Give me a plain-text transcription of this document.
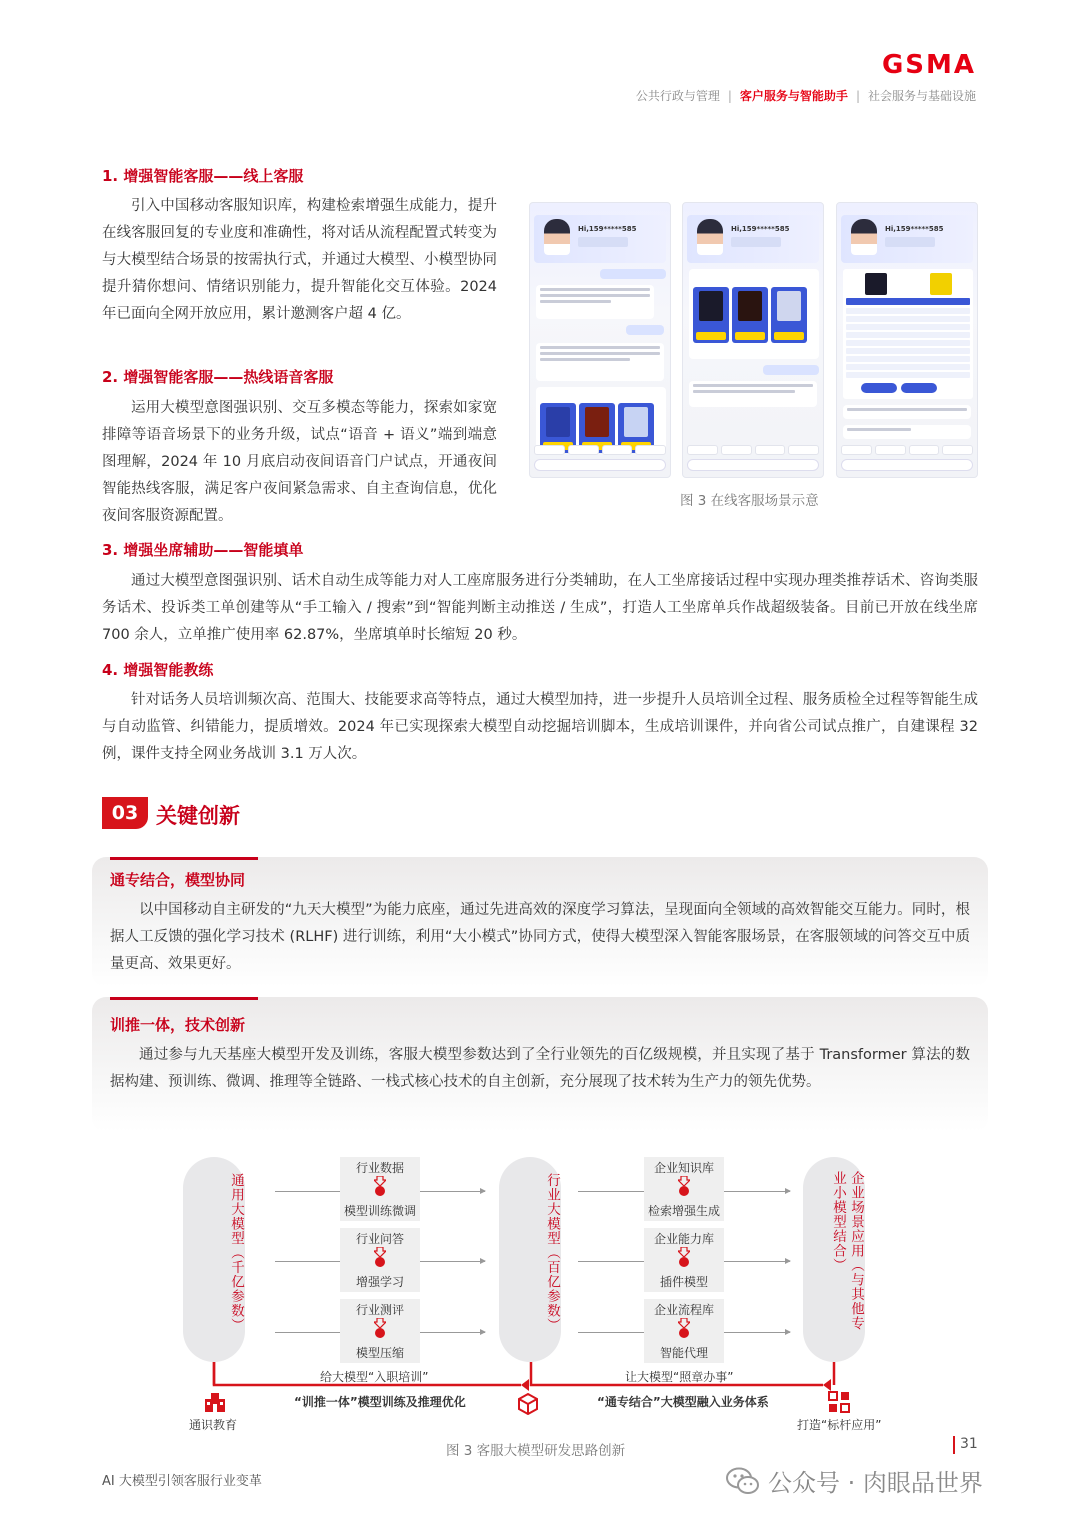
GSMA
公共行政与管理 | 客户服务与智能助手 | 社会服务与基础设施
1. 增强智能客服——线上客服
引入中国移动客服知识库，构建检索增强生成能力，提升在线客服回复的专业度和准确性，将对话从流程配置式转变为与大模型结合场景的按需执行式，并通过大模型、小模型协同提升猜你想问、情绪识别能力，提升智能化交互体验。2024 年已面向全网开放应用，累计邀测客户超 4 亿。
2. 增强智能客服——热线语音客服
运用大模型意图强识别、交互多模态等能力，探索如家宽排障等语音场景下的业务升级，试点“语音 + 语义”端到端意图理解，2024 年 10 月底启动夜间语音门户试点，开通夜间智能热线客服，满足客户夜间紧急需求、自主查询信息，优化夜间客服资源配置。
Hi,159*****585	Hi,159*****585	Hi,159*****585
图 3 在线客服场景示意
3. 增强坐席辅助——智能填单
通过大模型意图强识别、话术自动生成等能力对人工座席服务进行分类辅助，在人工坐席接话过程中实现办理类推荐话术、咨询类服务话术、投诉类工单创建等从“手工输入 / 搜索”到“智能判断主动推送 / 生成”，打造人工坐席单兵作战超级装备。目前已开放在线坐席 700 余人，立单推广使用率 62.87%，坐席填单时长缩短 20 秒。
4. 增强智能教练
针对话务人员培训频次高、范围大、技能要求高等特点，通过大模型加持，进一步提升人员培训全过程、服务质检全过程等智能生成与自动监管、纠错能力，提质增效。2024 年已实现探索大模型自动挖掘培训脚本，生成培训课件，并向省公司试点推广，自建课程 32 例，课件支持全网业务战训 3.1 万人次。
03 关键创新
通专结合，模型协同
以中国移动自主研发的“九天大模型”为能力底座，通过先进高效的深度学习算法，呈现面向全领域的高效智能交互能力。同时，根据人工反馈的强化学习技术 (RLHF) 进行训练，利用“大小模式”协同方式，使得大模型深入智能客服场景，在客服领域的问答交互中质量更高、效果更好。
训推一体，技术创新
通过参与九天基座大模型开发及训练，客服大模型参数达到了全行业领先的百亿级规模，并且实现了基于 Transformer 算法的数据构建、预训练、微调、推理等全链路、一栈式核心技术的自主创新，充分展现了技术转为生产力的领先优势。
通用大模型（千亿参数）	行业大模型（百亿参数）	企业场景应用（与其他专业小模型结合）
行业数据
模型训练微调
行业问答
增强学习
行业测评
模型压缩
企业知识库
检索增强生成
企业能力库
插件模型
企业流程库
智能代理
给大模型“入职培训”
“训推一体”模型训练及推理优化
让大模型“照章办事”
“通专结合”大模型融入业务体系
通识教育	打造“标杆应用”
图 3 客服大模型研发思路创新
AI 大模型引领客服行业变革
31
公众号 · 肉眼品世界
